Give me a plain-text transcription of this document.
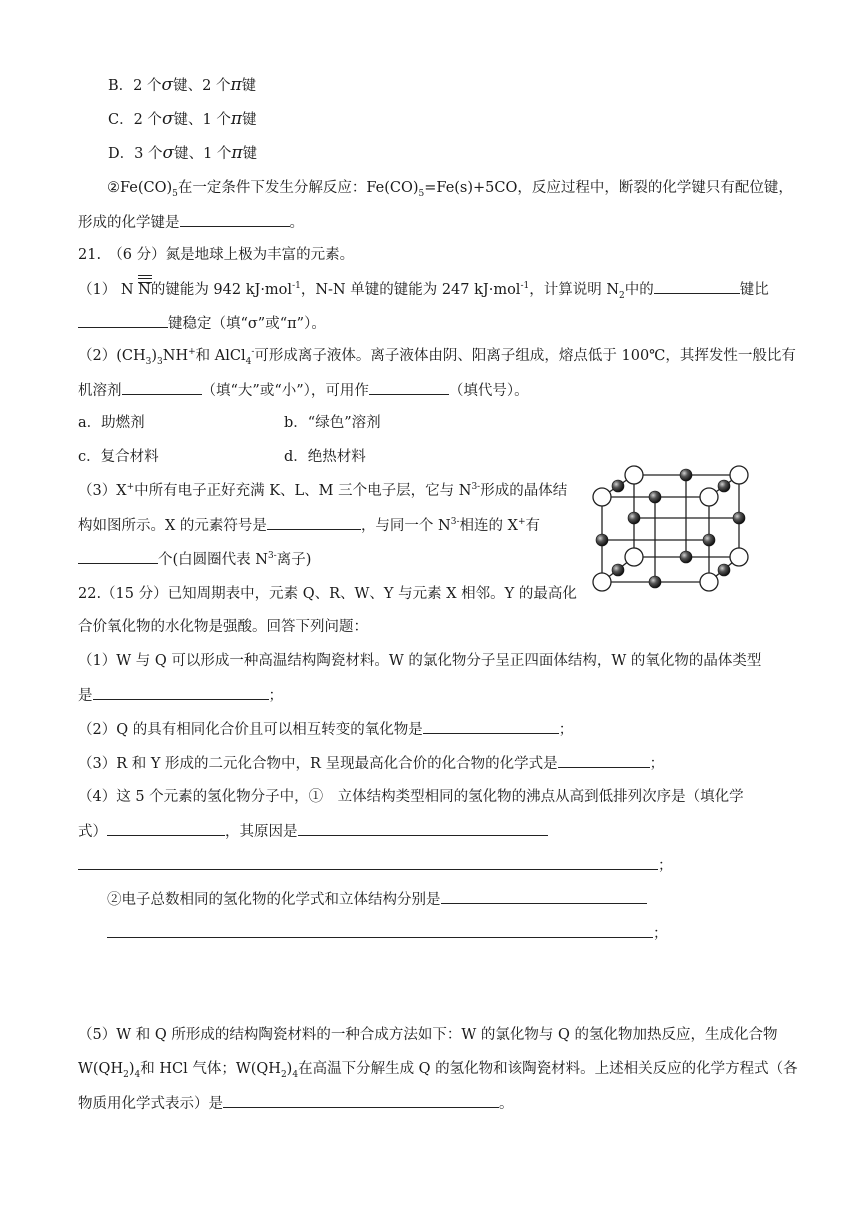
B．2 个σ键、2 个π键
C．2 个σ键、1 个π键
D．3 个σ键、1 个π键
$②Fe(CO)_5$在一定条件下发生分解反应：$Fe(CO)_5=Fe(s)+5CO$，反应过程中，断裂的化学键只有配位键，
形成的化学键是	。
21.　（6 分）氮是地球上极为丰富的元素。
（1） N
N的键能为 942 kJ·mol$^{-1}$，N-N 单键的键能为 247 kJ·mol$^{-1}$，计算说明 $N_2$中的	键比
键稳定（填“σ”或“π”）。
$(2)(CH_3)_3NH^+$和 AlCl$_4$-可形成离子液体。离子液体由阴、阳离子组成，熔点低于 100℃，其挥发性一般比有
机溶剂	（填“大”或“小”），可用作	（填代号）。
a．助燃剂	b．“绿色”溶剂
c．复合材料	d．绝热材料
（3）X+中所有电子正好充满 K、L、M 三个电子层，它与 $N^{3-}$形成的晶体结
构如图所示。X 的元素符号是	，与同一个 $N^{3-}$相连的 X+有
个(白圆圈代表 $N^{3-}$离子)
22.（15 分）已知周期表中，元素 Q、R、W、Y 与元素 X 相邻。Y 的最高化
合价氧化物的水化物是强酸。回答下列问题：
（1）W 与 Q 可以形成一种高温结构陶瓷材料。W 的氯化物分子呈正四面体结构，W 的氧化物的晶体类型
是	；
（2）Q 的具有相同化合价且可以相互转变的氧化物是	；
（3）R 和 Y 形成的二元化合物中，R 呈现最高化合价的化合物的化学式是	；
（4）这 5 个元素的氢化物分子中，①　立体结构类型相同的氢化物的沸点从高到低排列次序是（填化学
式）	，其原因是
；
②电子总数相同的氢化物的化学式和立体结构分别是
；
（5）W 和 Q 所形成的结构陶瓷材料的一种合成方法如下：W 的氯化物与 Q 的氢化物加热反应，生成化合物
$W(QH_2)_4$和 HCl 气体；$W(QH_2)_4$在高温下分解生成 Q 的氢化物和该陶瓷材料。上述相关反应的化学方程式（各
物质用化学式表示）是	。
